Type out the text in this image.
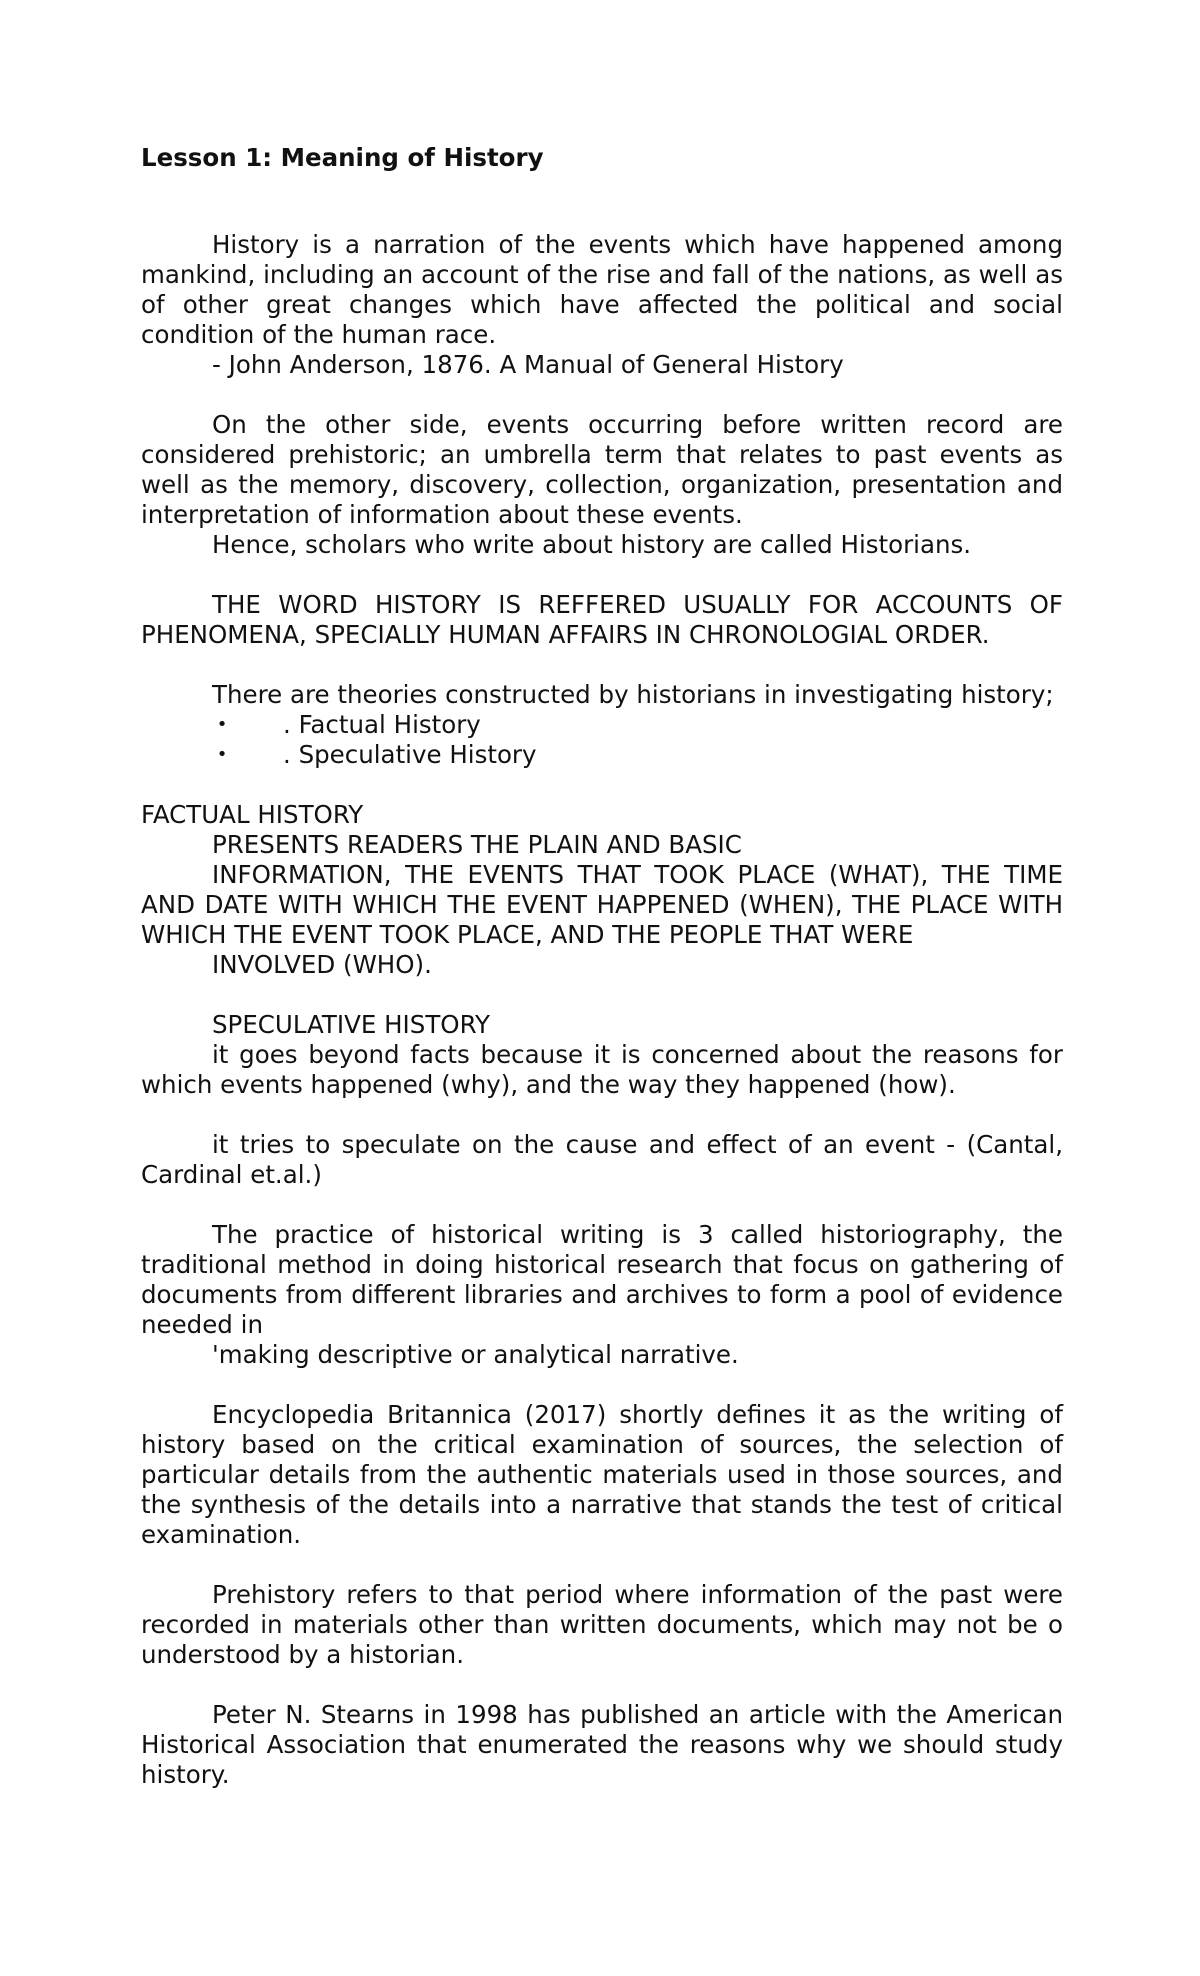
Lesson 1: Meaning of History

History is a narration of the events which have happened among mankind, including an account of the rise and fall of the nations, as well as of other great changes which have affected the political and social condition of the human race.

- John Anderson, 1876. A Manual of General History

On the other side, events occurring before written record are considered prehistoric; an umbrella term that relates to past events as well as the memory, discovery, collection, organization, presentation and interpretation of information about these events.

Hence, scholars who write about history are called Historians.

THE WORD HISTORY IS REFFERED USUALLY FOR ACCOUNTS OF PHENOMENA, SPECIALLY HUMAN AFFAIRS IN CHRONOLOGIAL ORDER.

There are theories constructed by historians in investigating history;

• . Factual History
• . Speculative History

FACTUAL HISTORY

PRESENTS READERS THE PLAIN AND BASIC

INFORMATION, THE EVENTS THAT TOOK PLACE (WHAT), THE TIME AND DATE WITH WHICH THE EVENT HAPPENED (WHEN), THE PLACE WITH WHICH THE EVENT TOOK PLACE, AND THE PEOPLE THAT WERE

INVOLVED (WHO).

SPECULATIVE HISTORY

it goes beyond facts because it is concerned about the reasons for which events happened (why), and the way they happened (how).

it tries to speculate on the cause and effect of an event - (Cantal, Cardinal et.al.)

The practice of historical writing is 3 called historiography, the traditional method in doing historical research that focus on gathering of documents from different libraries and archives to form a pool of evidence needed in

'making descriptive or analytical narrative.

Encyclopedia Britannica (2017) shortly defines it as the writing of history based on the critical examination of sources, the selection of particular details from the authentic materials used in those sources, and the synthesis of the details into a narrative that stands the test of critical examination.

Prehistory refers to that period where information of the past were recorded in materials other than written documents, which may not be o understood by a historian.

Peter N. Stearns in 1998 has published an article with the American Historical Association that enumerated the reasons why we should study history.
